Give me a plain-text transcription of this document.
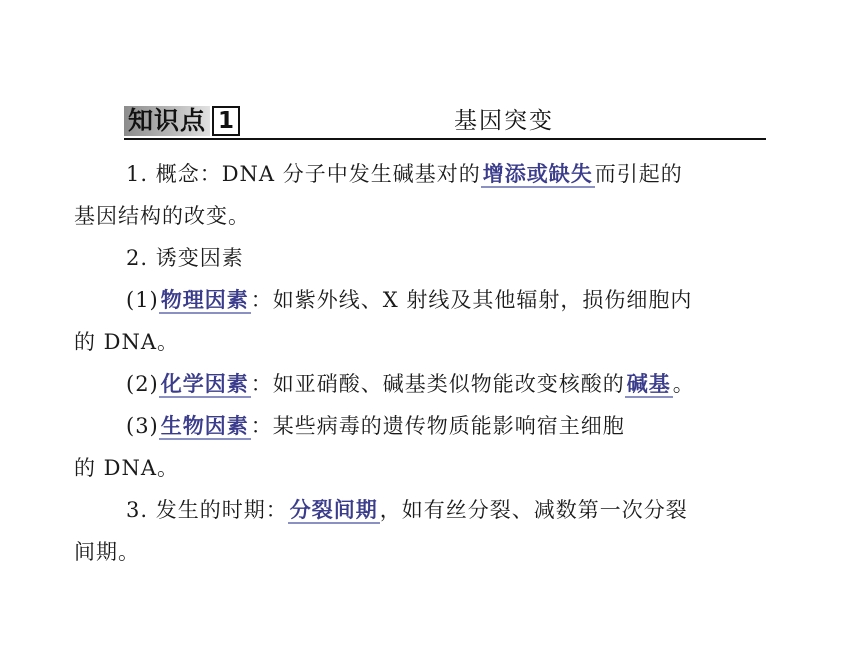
知识点 1	基因突变
1. 概念：DNA 分子中发生碱基对的增添或缺失而引起的
基因结构的改变。
2. 诱变因素
(1)物理因素：如紫外线、X 射线及其他辐射，损伤细胞内
的 DNA。
(2)化学因素：如亚硝酸、碱基类似物能改变核酸的碱基。
(3)生物因素：某些病毒的遗传物质能影响宿主细胞
的 DNA。
3. 发生的时期：分裂间期，如有丝分裂、减数第一次分裂
间期。
